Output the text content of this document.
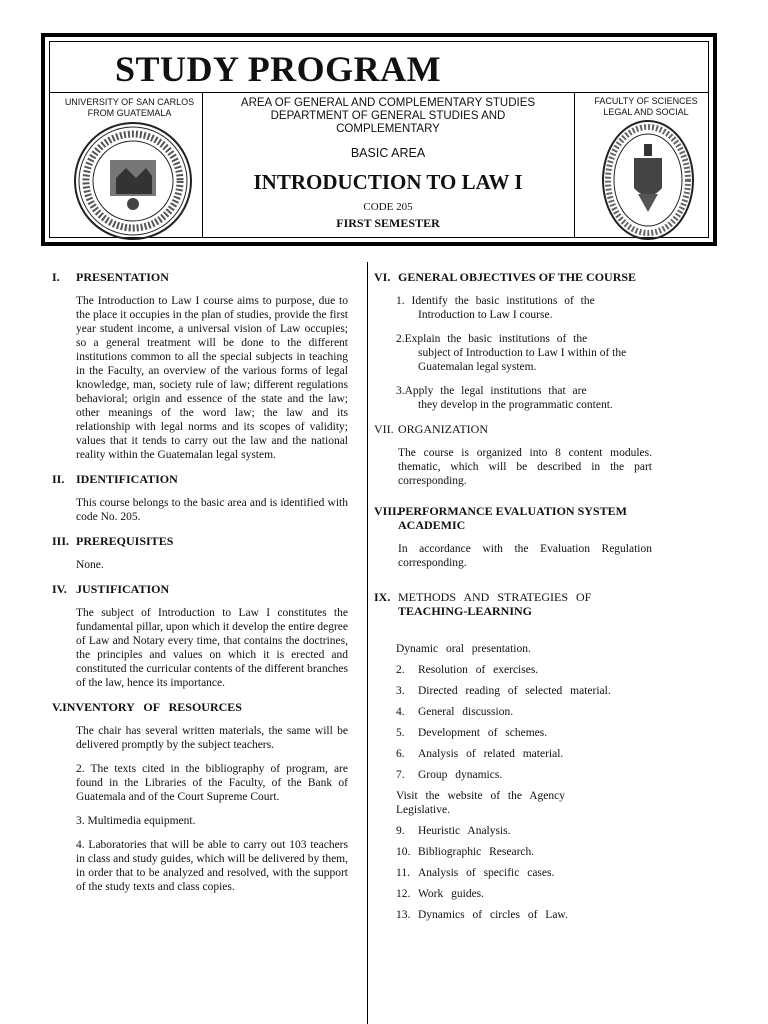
STUDY PROGRAM
UNIVERSITY OF SAN CARLOS FROM GUATEMALA
AREA OF GENERAL AND COMPLEMENTARY STUDIES
DEPARTMENT OF GENERAL STUDIES AND
COMPLEMENTARY
BASIC AREA
INTRODUCTION TO LAW I
CODE 205
FIRST SEMESTER
FACULTY OF SCIENCES LEGAL AND SOCIAL
I. PRESENTATION
The Introduction to Law I course aims to purpose, due to the place it occupies in the plan of studies, provide the first year student income, a universal vision of Law occupies; so a general treatment will be done to the different institutions common to all the special subjects in teaching in the Faculty, an overview of the various forms of legal knowledge, man, society rule of law; different regulations behavioral; origin and essence of the state and the law; other meanings of the word law; the law and its relationship with legal norms and its scopes of validity; values that it tends to carry out the law and the national reality within the Guatemalan legal system.
II. IDENTIFICATION
This course belongs to the basic area and is identified with code No. 205.
III. PREREQUISITES
None.
IV. JUSTIFICATION
The subject of Introduction to Law I constitutes the fundamental pillar, upon which it develop the entire degree of Law and Notary every time, that contains the doctrines, the principles and values on which it is erected and constituted the curricular contents of the different branches of the law, hence its importance.
V.INVENTORY OF RESOURCES
The chair has several written materials, the same will be delivered promptly by the subject teachers.
2. The texts cited in the bibliography of program, are found in the Libraries of the Faculty, of the Bank of Guatemala and of the Court Supreme Court.
3. Multimedia equipment.
4. Laboratories that will be able to carry out 103 teachers in class and study guides, which will be delivered by them, in order that to be analyzed and resolved, with the support of the study texts and class copies.
VI. GENERAL OBJECTIVES OF THE COURSE
1. Identify the basic institutions of the
Introduction to Law I course.
2.Explain the basic institutions of the
subject of Introduction to Law I within of the Guatemalan legal system.
3.Apply the legal institutions that are
they develop in the programmatic content.
VII. ORGANIZATION
The course is organized into 8 content modules. thematic, which will be described in the part corresponding.
VIII.PERFORMANCE EVALUATION SYSTEM
ACADEMIC
In accordance with the Evaluation Regulation corresponding.
IX. METHODS AND STRATEGIES OF
TEACHING-LEARNING
Dynamic oral presentation.
2. Resolution of exercises.
3. Directed reading of selected material.
4. General discussion.
5. Development of schemes.
6. Analysis of related material.
7. Group dynamics.
Visit the website of the Agency Legislative.
9. Heuristic Analysis.
10. Bibliographic Research.
11. Analysis of specific cases.
12. Work guides.
13. Dynamics of circles of Law.
